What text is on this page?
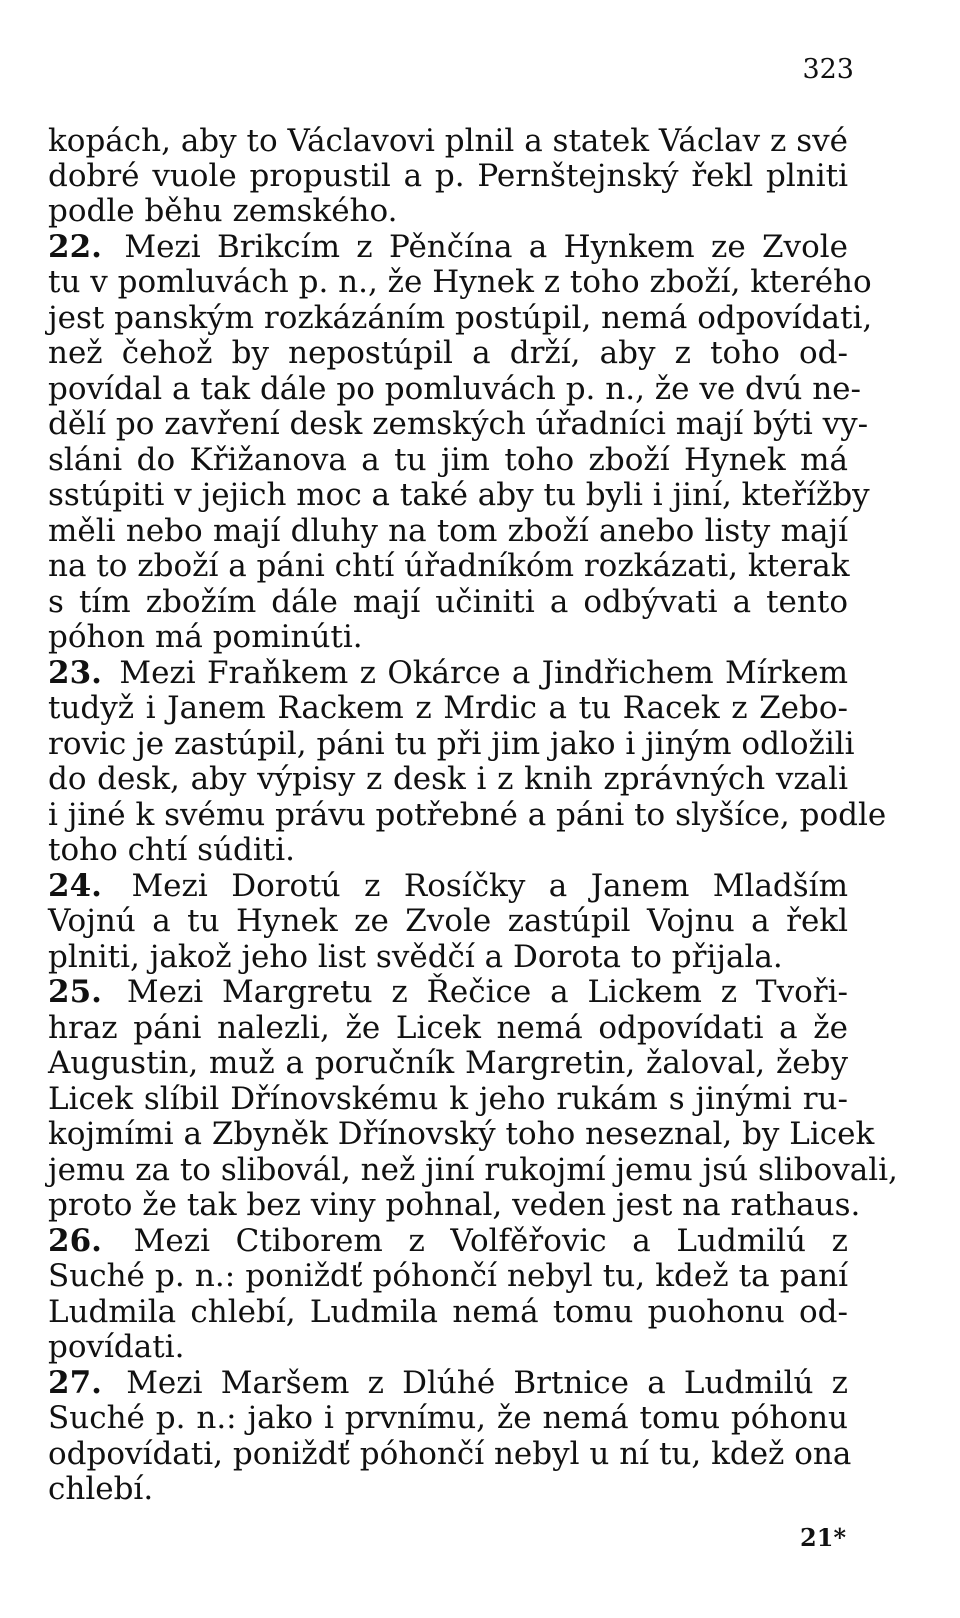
323
kopách, aby to Václavovi plnil a statek Václav z své
dobré vuole propustil a p. Pernštejnský řekl plniti
podle běhu zemského.
22. Mezi Brikcím z Pěnčína a Hynkem ze Zvole
tu v pomluvách p. n., že Hynek z toho zboží, kterého
jest panským rozkázáním postúpil, nemá odpovídati,
než čehož by nepostúpil a drží, aby z toho od-
povídal a tak dále po pomluvách p. n., že ve dvú ne-
dělí po zavření desk zemských úřadníci mají býti vy-
sláni do Křižanova a tu jim toho zboží Hynek má
sstúpiti v jejich moc a také aby tu byli i jiní, kteřížby
měli nebo mají dluhy na tom zboží anebo listy mají
na to zboží a páni chtí úřadníkóm rozkázati, kterak
s tím zbožím dále mají učiniti a odbývati a tento
póhon má pominúti.
23. Mezi Fraňkem z Okárce a Jindřichem Mírkem
tudyž i Janem Rackem z Mrdic a tu Racek z Zebo-
rovic je zastúpil, páni tu při jim jako i jiným odložili
do desk, aby výpisy z desk i z knih zprávných vzali
i jiné k svému právu potřebné a páni to slyšíce, podle
toho chtí súditi.
24. Mezi Dorotú z Rosíčky a Janem Mladším
Vojnú a tu Hynek ze Zvole zastúpil Vojnu a řekl
plniti, jakož jeho list svědčí a Dorota to přijala.
25. Mezi Margretu z Řečice a Lickem z Tvoři-
hraz páni nalezli, že Licek nemá odpovídati a že
Augustin, muž a poručník Margretin, žaloval, žeby
Licek slíbil Dřínovskému k jeho rukám s jinými ru-
kojmími a Zbyněk Dřínovský toho neseznal, by Licek
jemu za to slibovál, než jiní rukojmí jemu jsú slibovali,
proto že tak bez viny pohnal, veden jest na rathaus.
26. Mezi Ctiborem z Volfěřovic a Ludmilú z
Suché p. n.: poniždť póhončí nebyl tu, kdež ta paní
Ludmila chlebí, Ludmila nemá tomu puohonu od-
povídati.
27. Mezi Maršem z Dlúhé Brtnice a Ludmilú z
Suché p. n.: jako i prvnímu, že nemá tomu póhonu
odpovídati, poniždť póhončí nebyl u ní tu, kdež ona
chlebí.
21*
